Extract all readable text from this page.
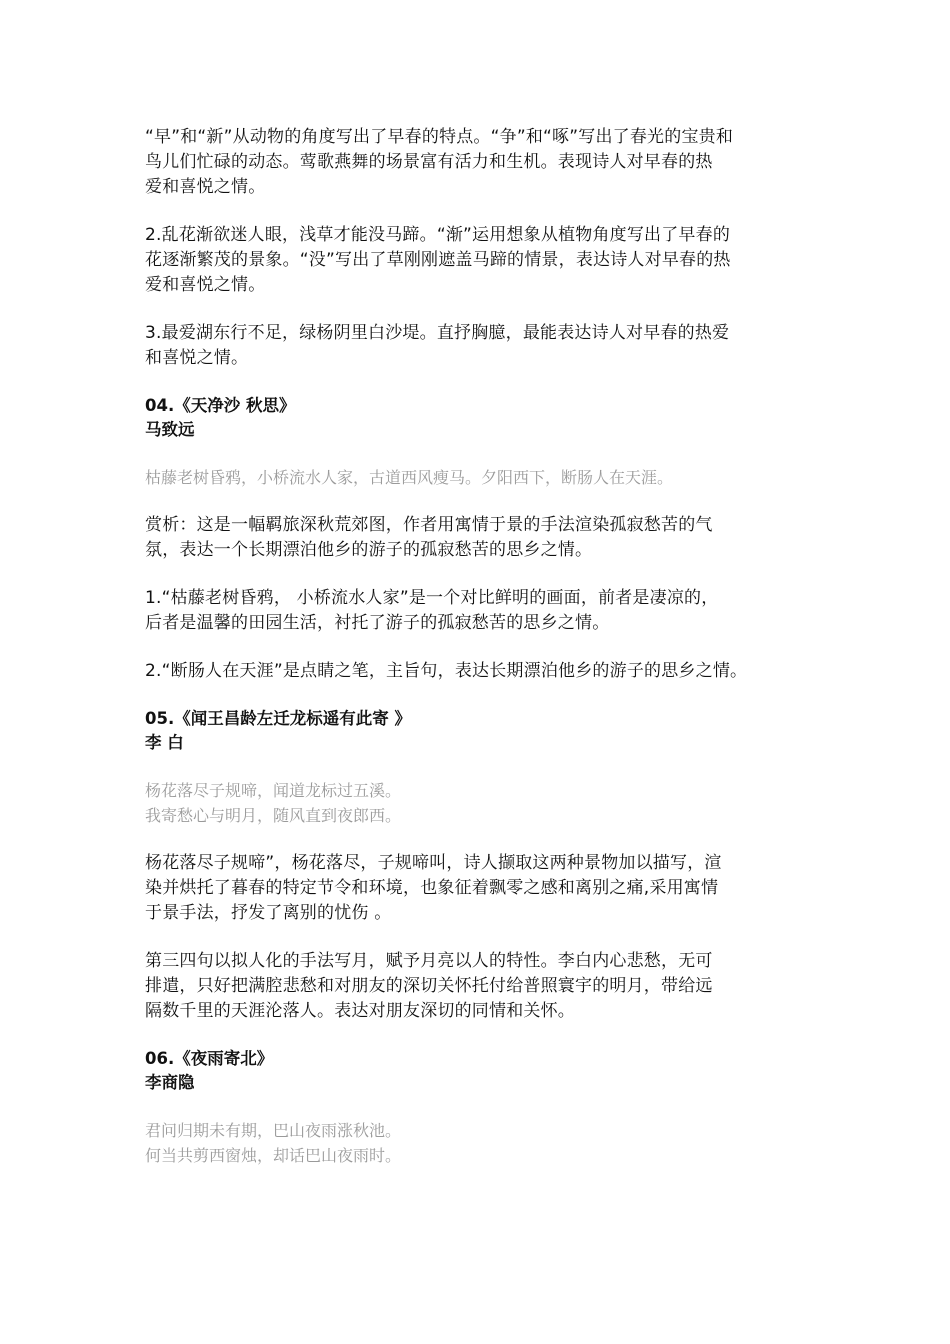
“早”和“新”从动物的角度写出了早春的特点。“争”和“啄”写出了春光的宝贵和
鸟儿们忙碌的动态。莺歌燕舞的场景富有活力和生机。表现诗人对早春的热
爱和喜悦之情。
2.乱花渐欲迷人眼，浅草才能没马蹄。“渐”运用想象从植物角度写出了早春的
花逐渐繁茂的景象。“没”写出了草刚刚遮盖马蹄的情景，表达诗人对早春的热
爱和喜悦之情。
3.最爱湖东行不足，绿杨阴里白沙堤。直抒胸臆，最能表达诗人对早春的热爱
和喜悦之情。
04.《天净沙 秋思》
马致远
枯藤老树昏鸦，小桥流水人家，古道西风瘦马。夕阳西下，断肠人在天涯。
赏析：这是一幅羁旅深秋荒郊图，作者用寓情于景的手法渲染孤寂愁苦的气
氛，表达一个长期漂泊他乡的游子的孤寂愁苦的思乡之情。
1.“枯藤老树昏鸦， 小桥流水人家”是一个对比鲜明的画面，前者是凄凉的，
后者是温馨的田园生活，衬托了游子的孤寂愁苦的思乡之情。
2.“断肠人在天涯”是点睛之笔，主旨句，表达长期漂泊他乡的游子的思乡之情。
05.《闻王昌龄左迁龙标遥有此寄 》
李 白
杨花落尽子规啼，闻道龙标过五溪。
我寄愁心与明月，随风直到夜郎西。
杨花落尽子规啼”，杨花落尽，子规啼叫，诗人撷取这两种景物加以描写，渲
染并烘托了暮春的特定节令和环境，也象征着飘零之感和离别之痛,采用寓情
于景手法，抒发了离别的忧伤 。
第三四句以拟人化的手法写月，赋予月亮以人的特性。李白内心悲愁，无可
排遣，只好把满腔悲愁和对朋友的深切关怀托付给普照寰宇的明月，带给远
隔数千里的天涯沦落人。表达对朋友深切的同情和关怀。
06.《夜雨寄北》
李商隐
君问归期未有期，巴山夜雨涨秋池。
何当共剪西窗烛，却话巴山夜雨时。
